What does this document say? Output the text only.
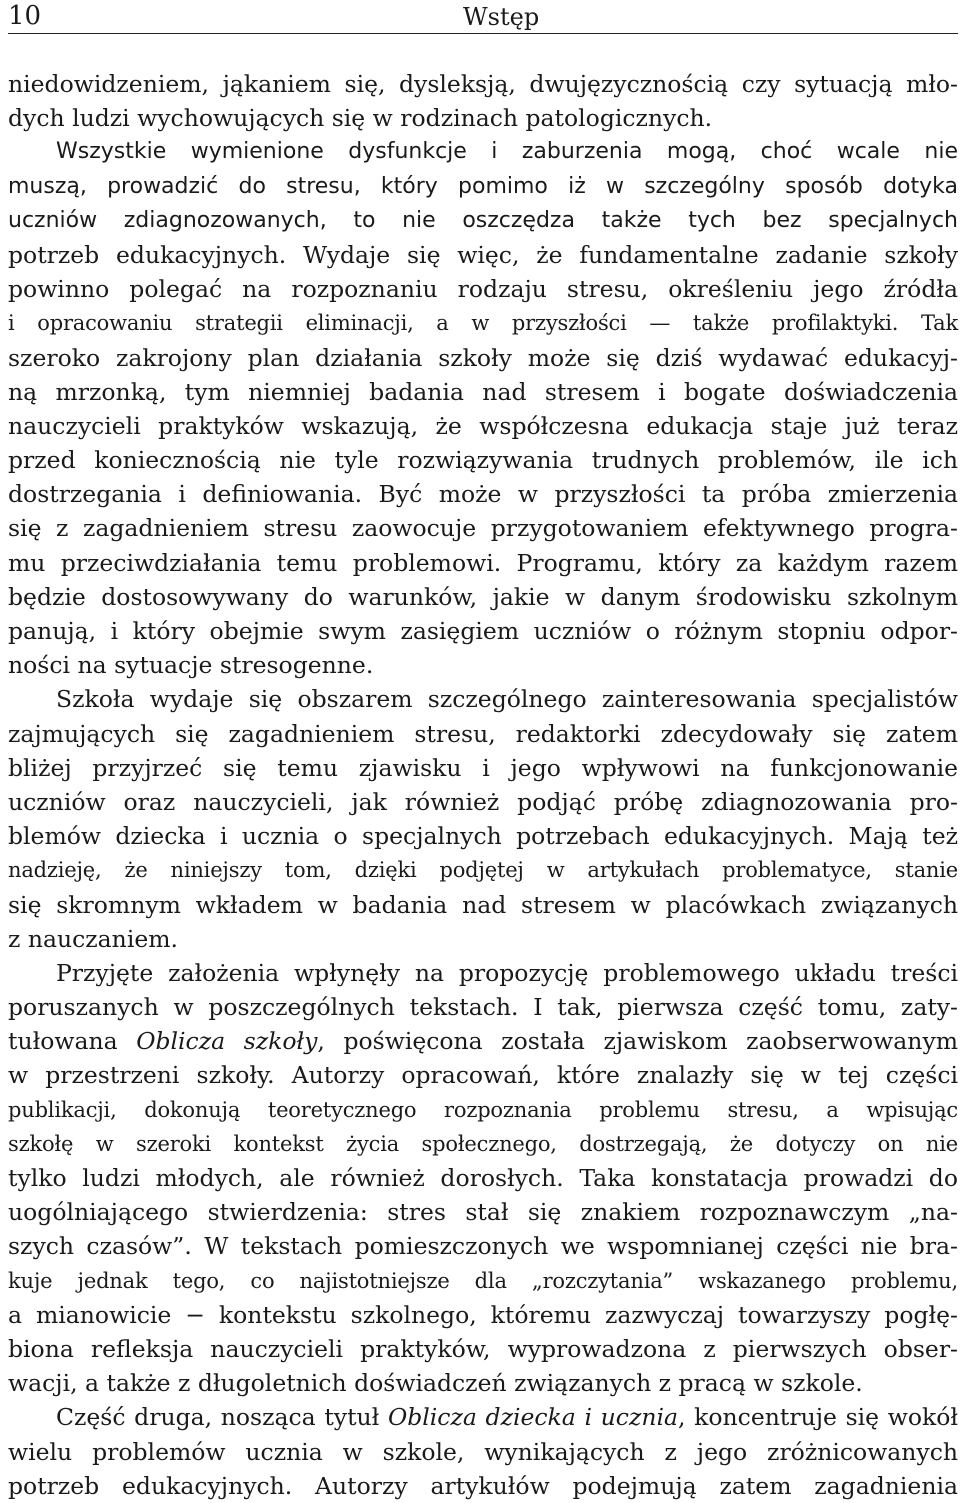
10	Wstęp
niedowidzeniem, jąkaniem się, dysleksją, dwujęzycznością czy sytuacją mło-
dych ludzi wychowujących się w rodzinach patologicznych.
Wszystkie wymienione dysfunkcje i zaburzenia mogą, choć wcale nie
muszą, prowadzić do stresu, który pomimo iż w szczególny sposób dotyka
uczniów zdiagnozowanych, to nie oszczędza także tych bez specjalnych
potrzeb edukacyjnych. Wydaje się więc, że fundamentalne zadanie szkoły
powinno polegać na rozpoznaniu rodzaju stresu, określeniu jego źródła
i opracowaniu strategii eliminacji, a w przyszłości — także profilaktyki. Tak
szeroko zakrojony plan działania szkoły może się dziś wydawać edukacyj-
ną mrzonką, tym niemniej badania nad stresem i bogate doświadczenia
nauczycieli praktyków wskazują, że współczesna edukacja staje już teraz
przed koniecznością nie tyle rozwiązywania trudnych problemów, ile ich
dostrzegania i definiowania. Być może w przyszłości ta próba zmierzenia
się z zagadnieniem stresu zaowocuje przygotowaniem efektywnego progra-
mu przeciwdziałania temu problemowi. Programu, który za każdym razem
będzie dostosowywany do warunków, jakie w danym środowisku szkolnym
panują, i który obejmie swym zasięgiem uczniów o różnym stopniu odpor-
ności na sytuacje stresogenne.
Szkoła wydaje się obszarem szczególnego zainteresowania specjalistów
zajmujących się zagadnieniem stresu, redaktorki zdecydowały się zatem
bliżej przyjrzeć się temu zjawisku i jego wpływowi na funkcjonowanie
uczniów oraz nauczycieli, jak również podjąć próbę zdiagnozowania pro-
blemów dziecka i ucznia o specjalnych potrzebach edukacyjnych. Mają też
nadzieję, że niniejszy tom, dzięki podjętej w artykułach problematyce, stanie
się skromnym wkładem w badania nad stresem w placówkach związanych
z nauczaniem.
Przyjęte założenia wpłynęły na propozycję problemowego układu treści
poruszanych w poszczególnych tekstach. I tak, pierwsza część tomu, zaty-
tułowana Oblicza szkoły, poświęcona została zjawiskom zaobserwowanym
w przestrzeni szkoły. Autorzy opracowań, które znalazły się w tej części
publikacji, dokonują teoretycznego rozpoznania problemu stresu, a wpisując
szkołę w szeroki kontekst życia społecznego, dostrzegają, że dotyczy on nie
tylko ludzi młodych, ale również dorosłych. Taka konstatacja prowadzi do
uogólniającego stwierdzenia: stres stał się znakiem rozpoznawczym „na-
szych czasów”. W tekstach pomieszczonych we wspomnianej części nie bra-
kuje jednak tego, co najistotniejsze dla „rozczytania” wskazanego problemu,
a mianowicie − kontekstu szkolnego, któremu zazwyczaj towarzyszy pogłę-
biona refleksja nauczycieli praktyków, wyprowadzona z pierwszych obser-
wacji, a także z długoletnich doświadczeń związanych z pracą w szkole.
Część druga, nosząca tytuł Oblicza dziecka i ucznia, koncentruje się wokół
wielu problemów ucznia w szkole, wynikających z jego zróżnicowanych
potrzeb edukacyjnych. Autorzy artykułów podejmują zatem zagadnienia
